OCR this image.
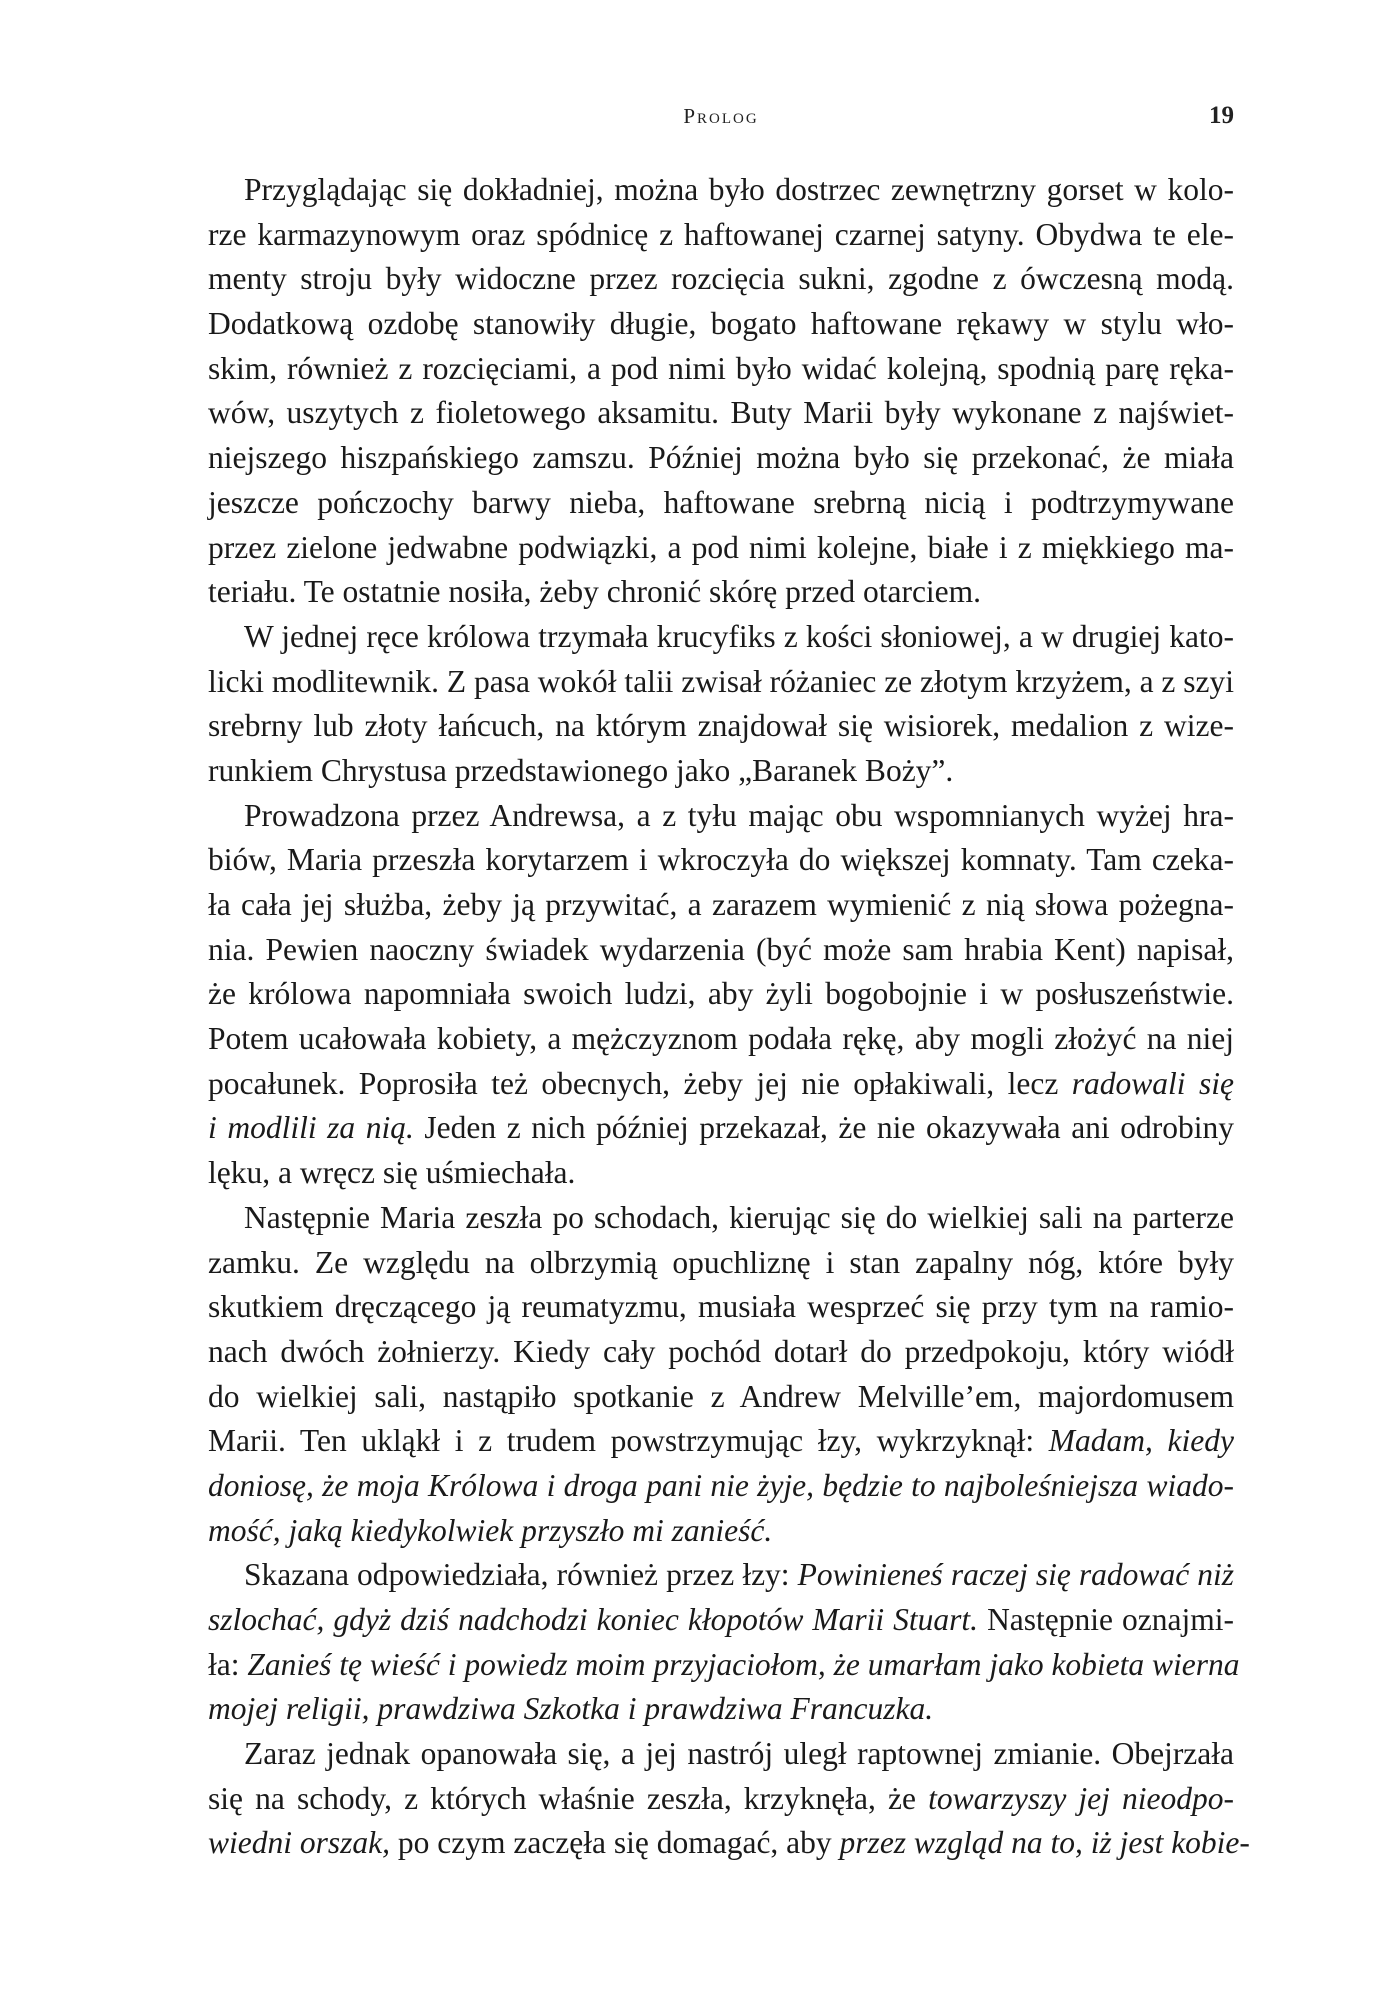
Prolog	19
Przyglądając się dokładniej, można było dostrzec zewnętrzny gorset w kolo-
rze karmazynowym oraz spódnicę z haftowanej czarnej satyny. Obydwa te ele-
menty stroju były widoczne przez rozcięcia sukni, zgodne z ówczesną modą.
Dodatkową ozdobę stanowiły długie, bogato haftowane rękawy w stylu wło-
skim, również z rozcięciami, a pod nimi było widać kolejną, spodnią parę ręka-
wów, uszytych z fioletowego aksamitu. Buty Marii były wykonane z najświet-
niejszego hiszpańskiego zamszu. Później można było się przekonać, że miała
jeszcze pończochy barwy nieba, haftowane srebrną nicią i podtrzymywane
przez zielone jedwabne podwiązki, a pod nimi kolejne, białe i z miękkiego ma-
teriału. Te ostatnie nosiła, żeby chronić skórę przed otarciem.
W jednej ręce królowa trzymała krucyfiks z kości słoniowej, a w drugiej kato-
licki modlitewnik. Z pasa wokół talii zwisał różaniec ze złotym krzyżem, a z szyi
srebrny lub złoty łańcuch, na którym znajdował się wisiorek, medalion z wize-
runkiem Chrystusa przedstawionego jako „Baranek Boży”.
Prowadzona przez Andrewsa, a z tyłu mając obu wspomnianych wyżej hra-
biów, Maria przeszła korytarzem i wkroczyła do większej komnaty. Tam czeka-
ła cała jej służba, żeby ją przywitać, a zarazem wymienić z nią słowa pożegna-
nia. Pewien naoczny świadek wydarzenia (być może sam hrabia Kent) napisał,
że królowa napomniała swoich ludzi, aby żyli bogobojnie i w posłuszeństwie.
Potem ucałowała kobiety, a mężczyznom podała rękę, aby mogli złożyć na niej
pocałunek. Poprosiła też obecnych, żeby jej nie opłakiwali, lecz radowali się
i modlili za nią. Jeden z nich później przekazał, że nie okazywała ani odrobiny
lęku, a wręcz się uśmiechała.
Następnie Maria zeszła po schodach, kierując się do wielkiej sali na parterze
zamku. Ze względu na olbrzymią opuchliznę i stan zapalny nóg, które były
skutkiem dręczącego ją reumatyzmu, musiała wesprzeć się przy tym na ramio-
nach dwóch żołnierzy. Kiedy cały pochód dotarł do przedpokoju, który wiódł
do wielkiej sali, nastąpiło spotkanie z Andrew Melville’em, majordomusem
Marii. Ten ukląkł i z trudem powstrzymując łzy, wykrzyknął: Madam, kiedy
doniosę, że moja Królowa i droga pani nie żyje, będzie to najboleśniejsza wiado-
mość, jaką kiedykolwiek przyszło mi zanieść.
Skazana odpowiedziała, również przez łzy: Powinieneś raczej się radować niż
szlochać, gdyż dziś nadchodzi koniec kłopotów Marii Stuart. Następnie oznajmi-
ła: Zanieś tę wieść i powiedz moim przyjaciołom, że umarłam jako kobieta wierna
mojej religii, prawdziwa Szkotka i prawdziwa Francuzka.
Zaraz jednak opanowała się, a jej nastrój uległ raptownej zmianie. Obejrzała
się na schody, z których właśnie zeszła, krzyknęła, że towarzyszy jej nieodpo-
wiedni orszak, po czym zaczęła się domagać, aby przez wzgląd na to, iż jest kobie-
